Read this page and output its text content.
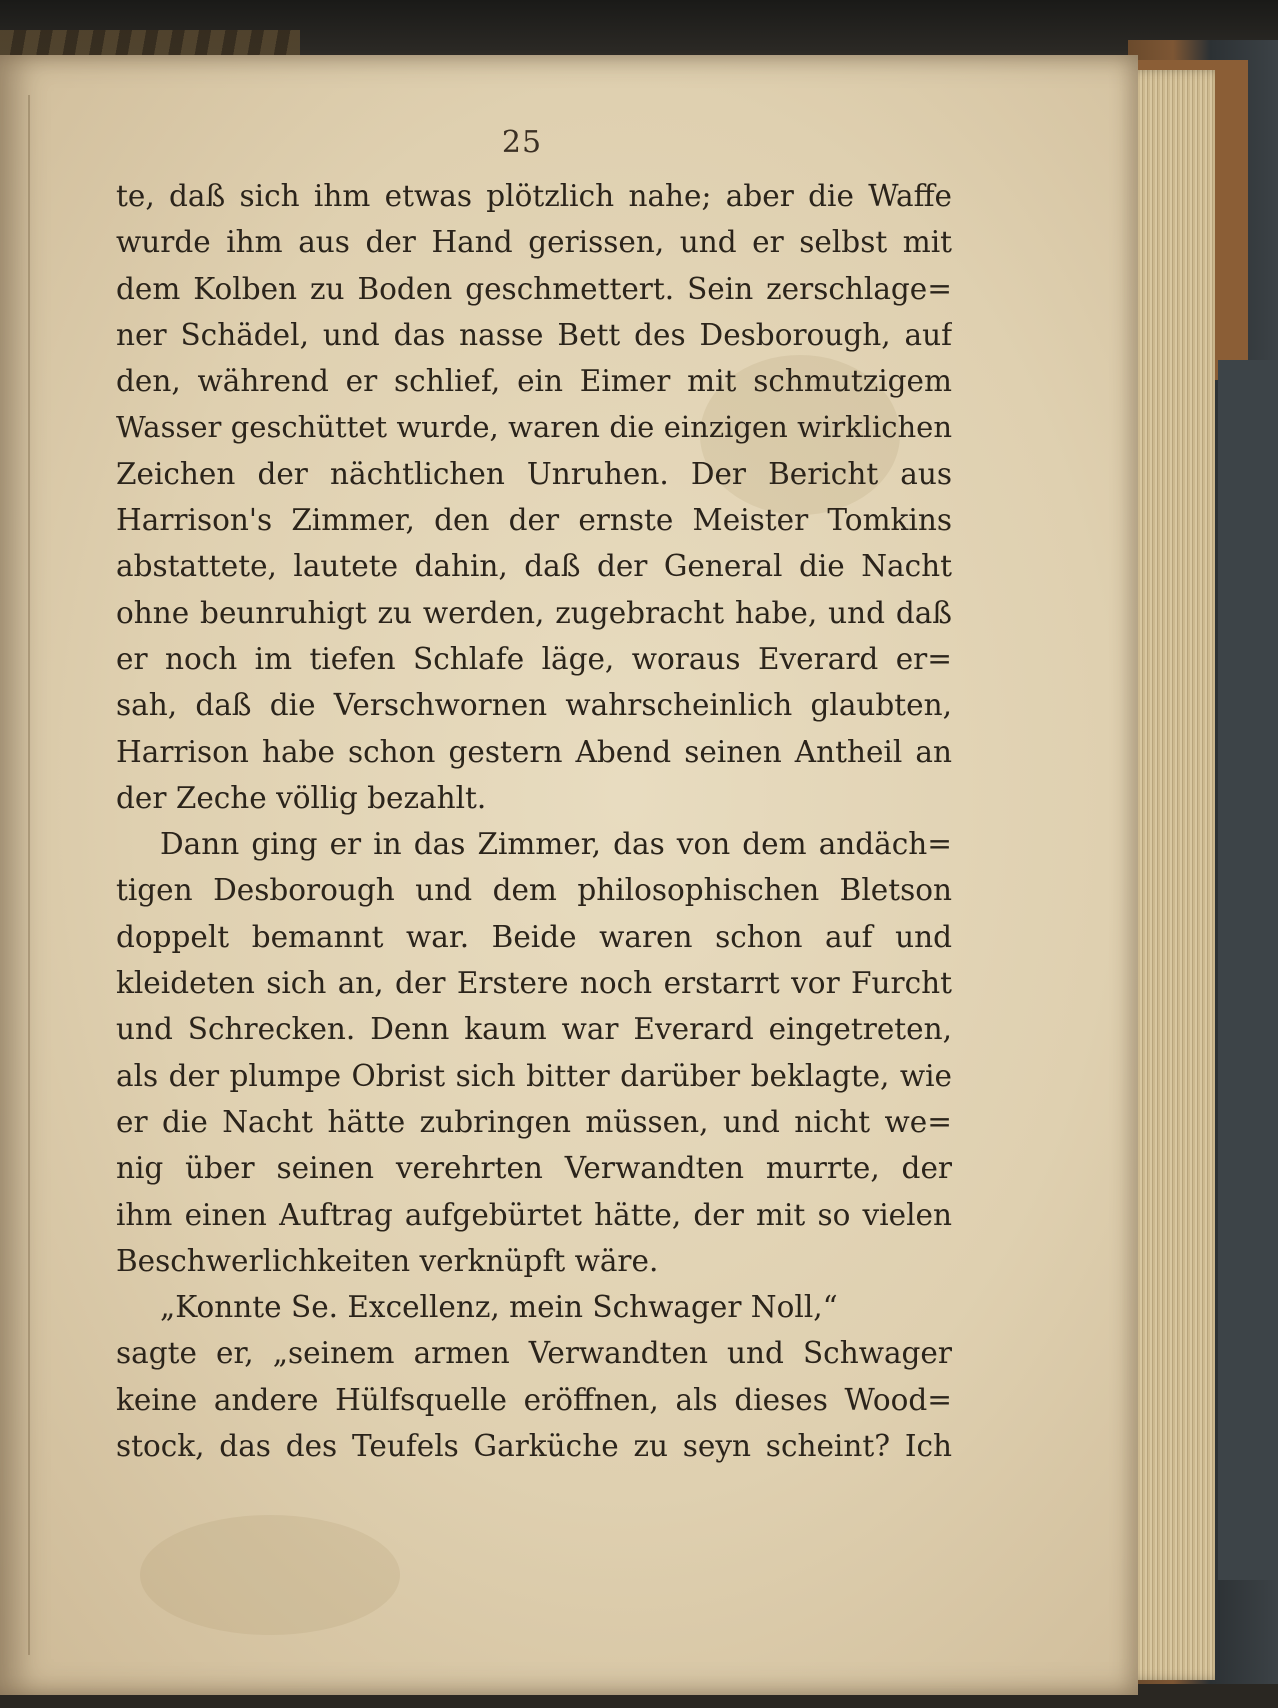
25
te, daß sich ihm etwas plötzlich nahe; aber die Waffe
wurde ihm aus der Hand gerissen, und er selbst mit
dem Kolben zu Boden geschmettert. Sein zerschlage=
ner Schädel, und das nasse Bett des Desborough, auf
den, während er schlief, ein Eimer mit schmutzigem
Wasser geschüttet wurde, waren die einzigen wirklichen
Zeichen der nächtlichen Unruhen. Der Bericht aus
Harrison's Zimmer, den der ernste Meister Tomkins
abstattete, lautete dahin, daß der General die Nacht
ohne beunruhigt zu werden, zugebracht habe, und daß
er noch im tiefen Schlafe läge, woraus Everard er=
sah, daß die Verschwornen wahrscheinlich glaubten,
Harrison habe schon gestern Abend seinen Antheil an
der Zeche völlig bezahlt.
Dann ging er in das Zimmer, das von dem andäch=
tigen Desborough und dem philosophischen Bletson
doppelt bemannt war. Beide waren schon auf und
kleideten sich an, der Erstere noch erstarrt vor Furcht
und Schrecken. Denn kaum war Everard eingetreten,
als der plumpe Obrist sich bitter darüber beklagte, wie
er die Nacht hätte zubringen müssen, und nicht we=
nig über seinen verehrten Verwandten murrte, der
ihm einen Auftrag aufgebürtet hätte, der mit so vielen
Beschwerlichkeiten verknüpft wäre.
„Konnte Se. Excellenz, mein Schwager Noll,“
sagte er, „seinem armen Verwandten und Schwager
keine andere Hülfsquelle eröffnen, als dieses Wood=
stock, das des Teufels Garküche zu seyn scheint? Ich
